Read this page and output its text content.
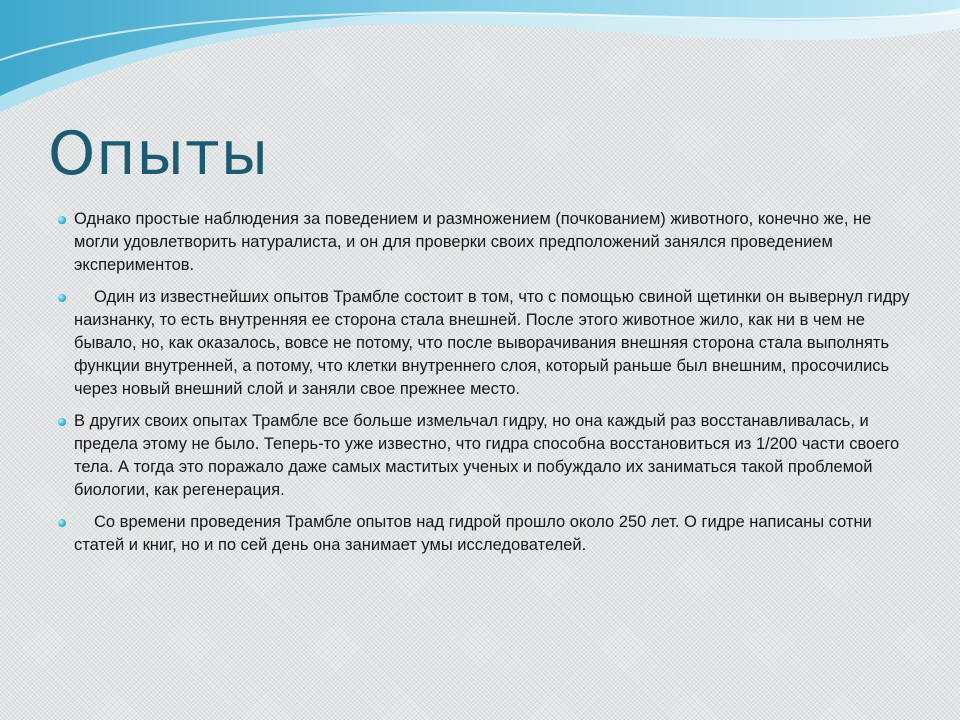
Опыты
Однако простые наблюдения за поведением и размножением (почкованием) животного, конечно же, не могли удовлетворить натуралиста, и он для проверки своих предположений занялся проведением экспериментов.
Один из известнейших опытов Трамбле состоит в том, что с помощью свиной щетинки он вывернул гидру наизнанку, то есть внутренняя ее сторона стала внешней. После этого животное жило, как ни в чем не бывало, но, как оказалось, вовсе не потому, что после выворачивания внешняя сторона стала выполнять функции внутренней, а потому, что клетки внутреннего слоя, который раньше был внешним, просочились через новый внешний слой и заняли свое прежнее место.
В других своих опытах Трамбле все больше измельчал гидру, но она каждый раз восстанавливалась, и предела этому не было. Теперь-то уже известно, что гидра способна восстановиться из 1/200 части своего тела. А тогда это поражало даже самых маститых ученых и побуждало их заниматься такой проблемой биологии, как регенерация.
Со времени проведения Трамбле опытов над гидрой прошло около 250 лет. О гидре написаны сотни статей и книг, но и по сей день она занимает умы исследователей.
